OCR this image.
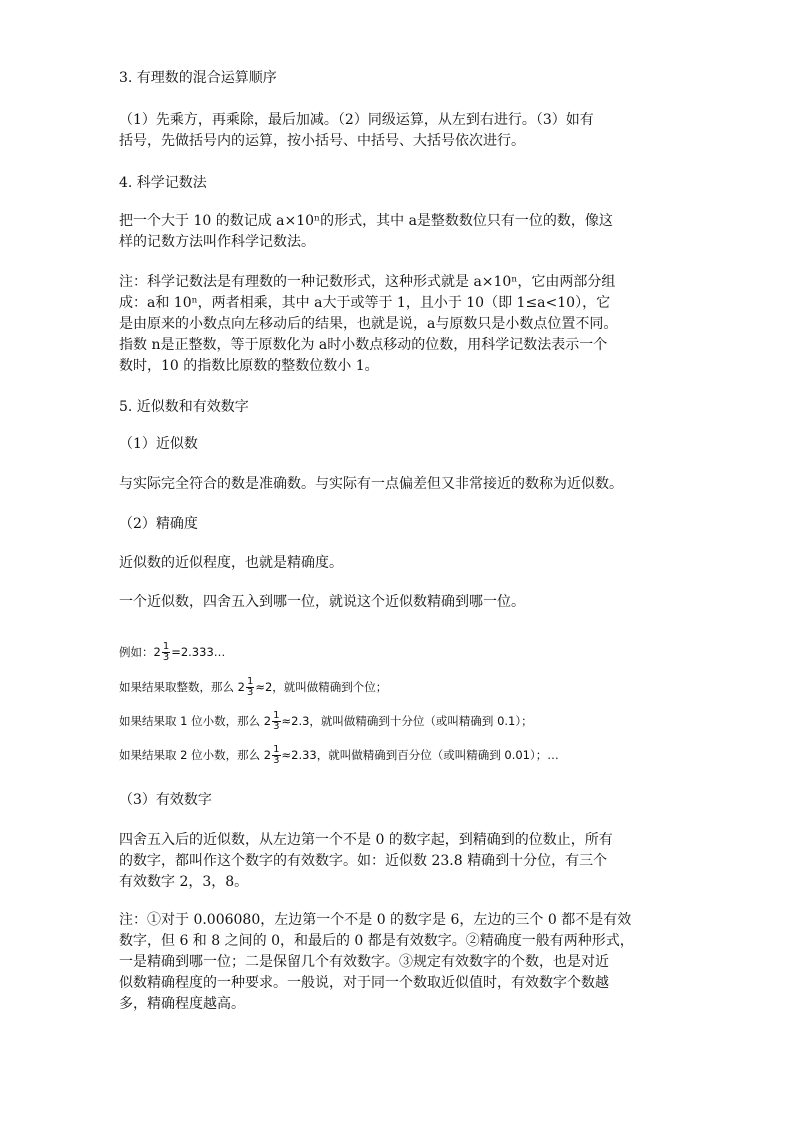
3. 有理数的混合运算顺序
（1）先乘方，再乘除，最后加减。（2）同级运算，从左到右进行。（3）如有
括号，先做括号内的运算，按小括号、中括号、大括号依次进行。
4. 科学记数法
把一个大于 10 的数记成 a×10ⁿ的形式，其中 a是整数数位只有一位的数，像这
样的记数方法叫作科学记数法。
注：科学记数法是有理数的一种记数形式，这种形式就是 a×10ⁿ，它由两部分组
成：a和 10ⁿ，两者相乘，其中 a大于或等于 1，且小于 10（即 1≤a<10），它
是由原来的小数点向左移动后的结果，也就是说，a与原数只是小数点位置不同。
指数 n是正整数，等于原数化为 a时小数点移动的位数，用科学记数法表示一个
数时，10 的指数比原数的整数位数小 1。
5. 近似数和有效数字
（1）近似数
与实际完全符合的数是准确数。与实际有一点偏差但又非常接近的数称为近似数。
（2）精确度
近似数的近似程度，也就是精确度。
一个近似数，四舍五入到哪一位，就说这个近似数精确到哪一位。
例如：$2 \frac{1}{3}$ =2.333…
如果结果取整数，那么 $2 \frac{1}{3} \approx 2$，就叫做精确到个位；
如果结果取 1 位小数，那么 $2 \frac{1}{3} \approx 2.3$，就叫做精确到十分位（或叫精确到 0.1）；
如果结果取 2 位小数，那么 $2 \frac{1}{3} \approx 2.33$，就叫做精确到百分位（或叫精确到 0.01）；…
（3）有效数字
四舍五入后的近似数，从左边第一个不是 0 的数字起，到精确到的位数止，所有
的数字，都叫作这个数字的有效数字。如：近似数 23.8 精确到十分位，有三个
有效数字 2，3，8。
注：①对于 0.006080，左边第一个不是 0 的数字是 6，左边的三个 0 都不是有效
数字，但 6 和 8 之间的 0，和最后的 0 都是有效数字。②精确度一般有两种形式，
一是精确到哪一位；二是保留几个有效数字。③规定有效数字的个数，也是对近
似数精确程度的一种要求。一般说，对于同一个数取近似值时，有效数字个数越
多，精确程度越高。
